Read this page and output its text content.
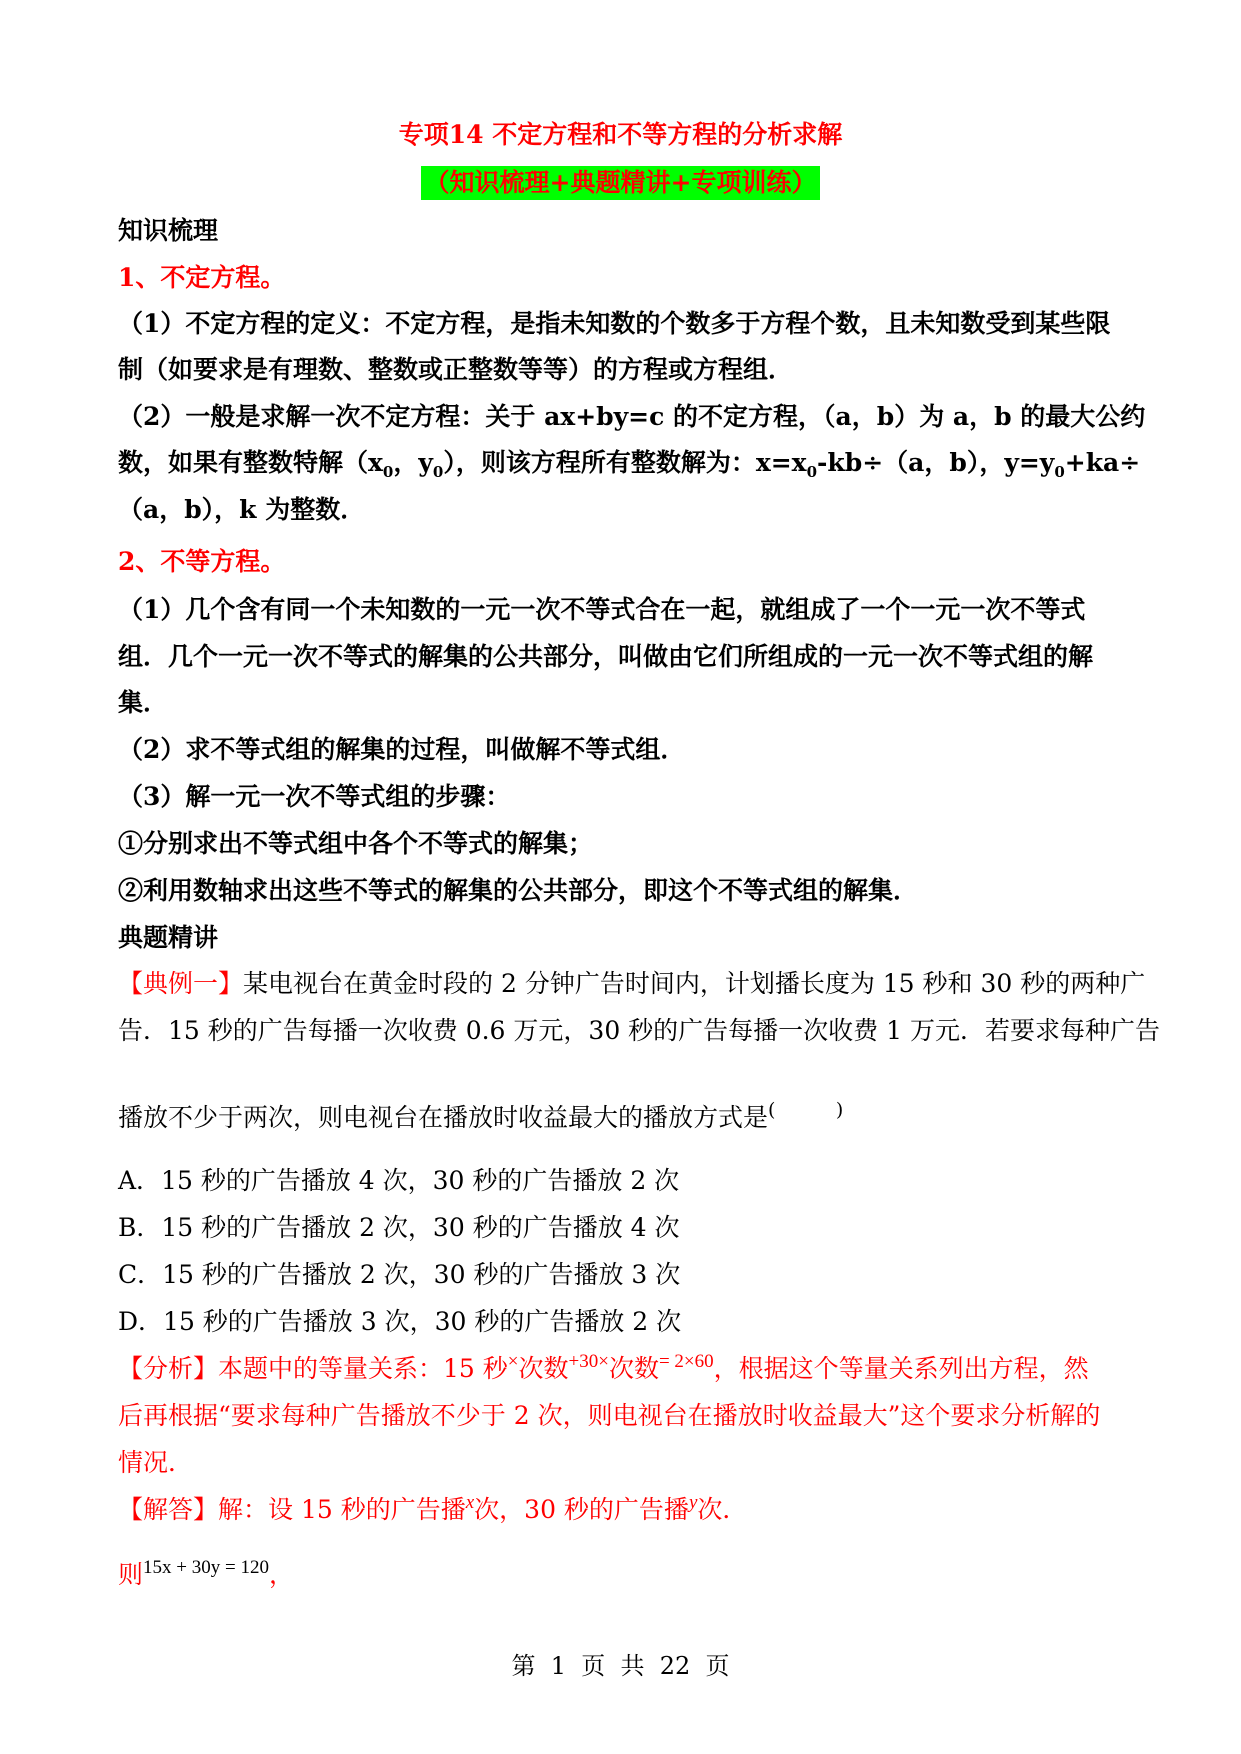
专项14 不定方程和不等方程的分析求解
（知识梳理+典题精讲+专项训练）
知识梳理
1、不定方程。
（1）不定方程的定义：不定方程，是指未知数的个数多于方程个数，且未知数受到某些限
制（如要求是有理数、整数或正整数等等）的方程或方程组．
（2）一般是求解一次不定方程：关于 ax+by=c 的不定方程，（a，b）为 a，b 的最大公约
数，如果有整数特解（$x_0$，$y_0$），则该方程所有整数解为：$x=x_0-kb\div(a$，b），$y=y_0+ka\div$
（a，b），k 为整数．
2、不等方程。
（1）几个含有同一个未知数的一元一次不等式合在一起，就组成了一个一元一次不等式
组．几个一元一次不等式的解集的公共部分，叫做由它们所组成的一元一次不等式组的解
集．
（2）求不等式组的解集的过程，叫做解不等式组．
（3）解一元一次不等式组的步骤：
①分别求出不等式组中各个不等式的解集；
②利用数轴求出这些不等式的解集的公共部分，即这个不等式组的解集．
典题精讲
【典例一】某电视台在黄金时段的 2 分钟广告时间内，计划播长度为 15 秒和 30 秒的两种广
告．15 秒的广告每播一次收费 0.6 万元，30 秒的广告每播一次收费 1 万元．若要求每种广告
播放不少于两次，则电视台在播放时收益最大的播放方式是(          )
A．15 秒的广告播放 4 次，30 秒的广告播放 2 次
B．15 秒的广告播放 2 次，30 秒的广告播放 4 次
C．15 秒的广告播放 2 次，30 秒的广告播放 3 次
D．15 秒的广告播放 3 次，30 秒的广告播放 2 次
【分析】本题中的等量关系：15 秒×次数$^{+30\times}$次数$^{= 2\times 60}$，根据这个等量关系列出方程，然
后再根据“要求每种广告播放不少于 2 次，则电视台在播放时收益最大”这个要求分析解的
情况．
【解答】解：设 15 秒的广告播$^x$次，30 秒的广告播$^y$次．
则$^{15x + 30y = 120}$，
第  1  页  共  22  页
